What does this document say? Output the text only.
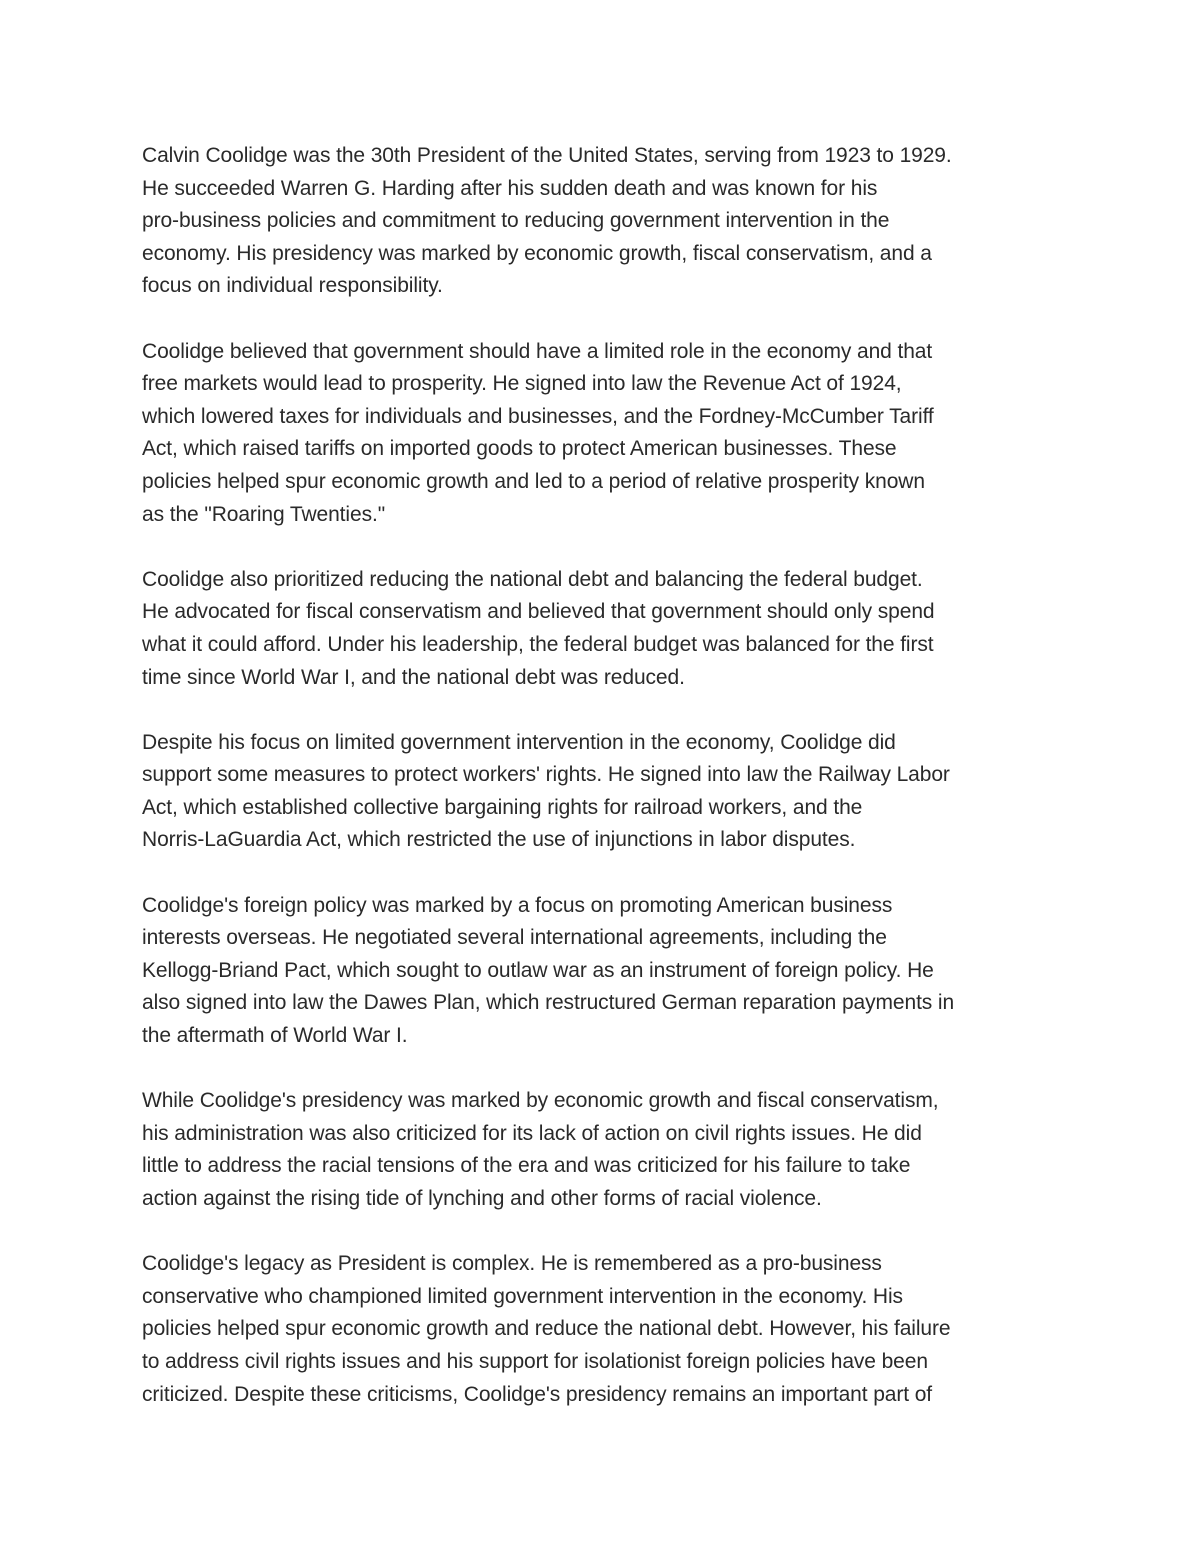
Calvin Coolidge was the 30th President of the United States, serving from 1923 to 1929.
He succeeded Warren G. Harding after his sudden death and was known for his
pro-business policies and commitment to reducing government intervention in the
economy. His presidency was marked by economic growth, fiscal conservatism, and a
focus on individual responsibility.
Coolidge believed that government should have a limited role in the economy and that
free markets would lead to prosperity. He signed into law the Revenue Act of 1924,
which lowered taxes for individuals and businesses, and the Fordney-McCumber Tariff
Act, which raised tariffs on imported goods to protect American businesses. These
policies helped spur economic growth and led to a period of relative prosperity known
as the "Roaring Twenties."
Coolidge also prioritized reducing the national debt and balancing the federal budget.
He advocated for fiscal conservatism and believed that government should only spend
what it could afford. Under his leadership, the federal budget was balanced for the first
time since World War I, and the national debt was reduced.
Despite his focus on limited government intervention in the economy, Coolidge did
support some measures to protect workers' rights. He signed into law the Railway Labor
Act, which established collective bargaining rights for railroad workers, and the
Norris-LaGuardia Act, which restricted the use of injunctions in labor disputes.
Coolidge's foreign policy was marked by a focus on promoting American business
interests overseas. He negotiated several international agreements, including the
Kellogg-Briand Pact, which sought to outlaw war as an instrument of foreign policy. He
also signed into law the Dawes Plan, which restructured German reparation payments in
the aftermath of World War I.
While Coolidge's presidency was marked by economic growth and fiscal conservatism,
his administration was also criticized for its lack of action on civil rights issues. He did
little to address the racial tensions of the era and was criticized for his failure to take
action against the rising tide of lynching and other forms of racial violence.
Coolidge's legacy as President is complex. He is remembered as a pro-business
conservative who championed limited government intervention in the economy. His
policies helped spur economic growth and reduce the national debt. However, his failure
to address civil rights issues and his support for isolationist foreign policies have been
criticized. Despite these criticisms, Coolidge's presidency remains an important part of
